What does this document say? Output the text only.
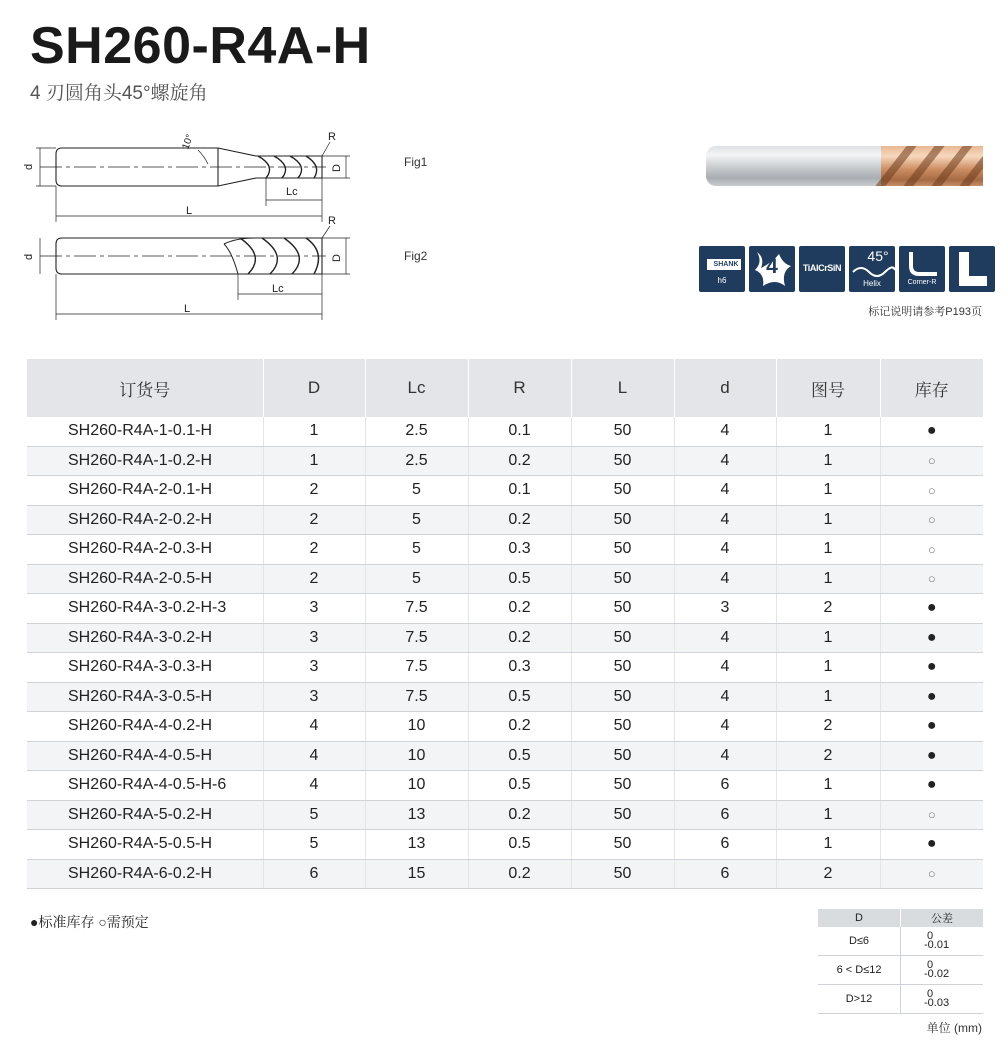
SH260-R4A-H
4 刃圆角头45°螺旋角
d
L
Lc
D
R
10°
Fig1
d
L
Lc
D
R
Fig2
SHANK
h6
4	TiAlCrSiN
45°
Helix	Corner-R
标记说明请参考P193页
订货号	D	Lc	R	L	d	图号	库存
SH260-R4A-1-0.1-H	1	2.5	0.1	50	4	1	●
SH260-R4A-1-0.2-H	1	2.5	0.2	50	4	1	○
SH260-R4A-2-0.1-H	2	5	0.1	50	4	1	○
SH260-R4A-2-0.2-H	2	5	0.2	50	4	1	○
SH260-R4A-2-0.3-H	2	5	0.3	50	4	1	○
SH260-R4A-2-0.5-H	2	5	0.5	50	4	1	○
SH260-R4A-3-0.2-H-3	3	7.5	0.2	50	3	2	●
SH260-R4A-3-0.2-H	3	7.5	0.2	50	4	1	●
SH260-R4A-3-0.3-H	3	7.5	0.3	50	4	1	●
SH260-R4A-3-0.5-H	3	7.5	0.5	50	4	1	●
SH260-R4A-4-0.2-H	4	10	0.2	50	4	2	●
SH260-R4A-4-0.5-H	4	10	0.5	50	4	2	●
SH260-R4A-4-0.5-H-6	4	10	0.5	50	6	1	●
SH260-R4A-5-0.2-H	5	13	0.2	50	6	1	○
SH260-R4A-5-0.5-H	5	13	0.5	50	6	1	●
SH260-R4A-6-0.2-H	6	15	0.2	50	6	2	○
●标准库存 ○需预定	D	公差
D≤6	0
-0.01

6 < D≤12	0
-0.02

D>12	0
-0.03
单位 (mm)
